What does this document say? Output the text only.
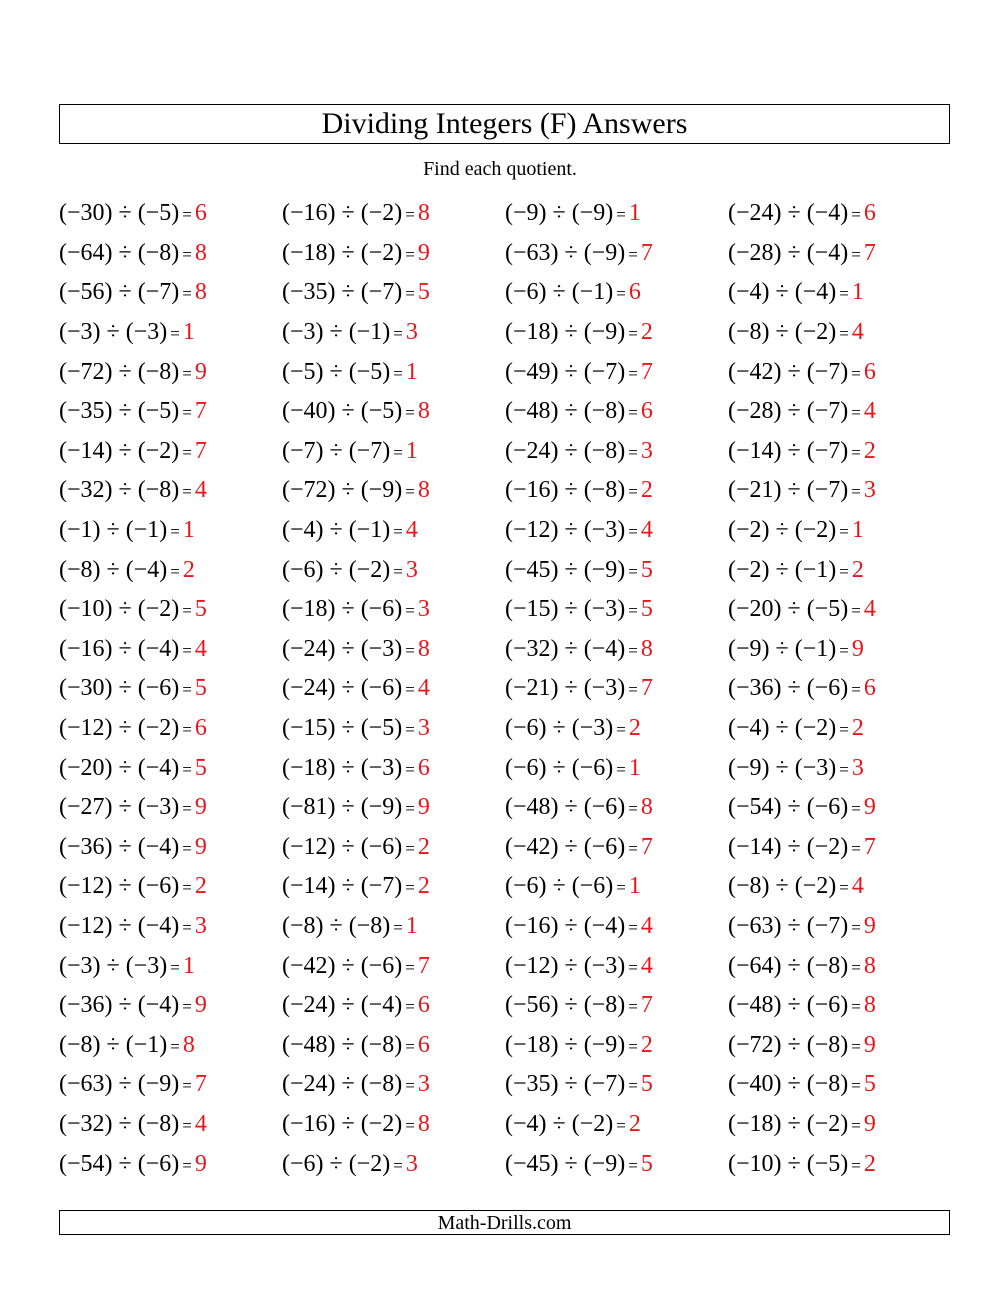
Dividing Integers (F) Answers
Find each quotient.
(−30) ÷ (−5) = 6	(−16) ÷ (−2) = 8	(−9) ÷ (−9) = 1	(−24) ÷ (−4) = 6
(−64) ÷ (−8) = 8	(−18) ÷ (−2) = 9	(−63) ÷ (−9) = 7	(−28) ÷ (−4) = 7
(−56) ÷ (−7) = 8	(−35) ÷ (−7) = 5	(−6) ÷ (−1) = 6	(−4) ÷ (−4) = 1
(−3) ÷ (−3) = 1	(−3) ÷ (−1) = 3	(−18) ÷ (−9) = 2	(−8) ÷ (−2) = 4
(−72) ÷ (−8) = 9	(−5) ÷ (−5) = 1	(−49) ÷ (−7) = 7	(−42) ÷ (−7) = 6
(−35) ÷ (−5) = 7	(−40) ÷ (−5) = 8	(−48) ÷ (−8) = 6	(−28) ÷ (−7) = 4
(−14) ÷ (−2) = 7	(−7) ÷ (−7) = 1	(−24) ÷ (−8) = 3	(−14) ÷ (−7) = 2
(−32) ÷ (−8) = 4	(−72) ÷ (−9) = 8	(−16) ÷ (−8) = 2	(−21) ÷ (−7) = 3
(−1) ÷ (−1) = 1	(−4) ÷ (−1) = 4	(−12) ÷ (−3) = 4	(−2) ÷ (−2) = 1
(−8) ÷ (−4) = 2	(−6) ÷ (−2) = 3	(−45) ÷ (−9) = 5	(−2) ÷ (−1) = 2
(−10) ÷ (−2) = 5	(−18) ÷ (−6) = 3	(−15) ÷ (−3) = 5	(−20) ÷ (−5) = 4
(−16) ÷ (−4) = 4	(−24) ÷ (−3) = 8	(−32) ÷ (−4) = 8	(−9) ÷ (−1) = 9
(−30) ÷ (−6) = 5	(−24) ÷ (−6) = 4	(−21) ÷ (−3) = 7	(−36) ÷ (−6) = 6
(−12) ÷ (−2) = 6	(−15) ÷ (−5) = 3	(−6) ÷ (−3) = 2	(−4) ÷ (−2) = 2
(−20) ÷ (−4) = 5	(−18) ÷ (−3) = 6	(−6) ÷ (−6) = 1	(−9) ÷ (−3) = 3
(−27) ÷ (−3) = 9	(−81) ÷ (−9) = 9	(−48) ÷ (−6) = 8	(−54) ÷ (−6) = 9
(−36) ÷ (−4) = 9	(−12) ÷ (−6) = 2	(−42) ÷ (−6) = 7	(−14) ÷ (−2) = 7
(−12) ÷ (−6) = 2	(−14) ÷ (−7) = 2	(−6) ÷ (−6) = 1	(−8) ÷ (−2) = 4
(−12) ÷ (−4) = 3	(−8) ÷ (−8) = 1	(−16) ÷ (−4) = 4	(−63) ÷ (−7) = 9
(−3) ÷ (−3) = 1	(−42) ÷ (−6) = 7	(−12) ÷ (−3) = 4	(−64) ÷ (−8) = 8
(−36) ÷ (−4) = 9	(−24) ÷ (−4) = 6	(−56) ÷ (−8) = 7	(−48) ÷ (−6) = 8
(−8) ÷ (−1) = 8	(−48) ÷ (−8) = 6	(−18) ÷ (−9) = 2	(−72) ÷ (−8) = 9
(−63) ÷ (−9) = 7	(−24) ÷ (−8) = 3	(−35) ÷ (−7) = 5	(−40) ÷ (−8) = 5
(−32) ÷ (−8) = 4	(−16) ÷ (−2) = 8	(−4) ÷ (−2) = 2	(−18) ÷ (−2) = 9
(−54) ÷ (−6) = 9	(−6) ÷ (−2) = 3	(−45) ÷ (−9) = 5	(−10) ÷ (−5) = 2
Math-Drills.com
